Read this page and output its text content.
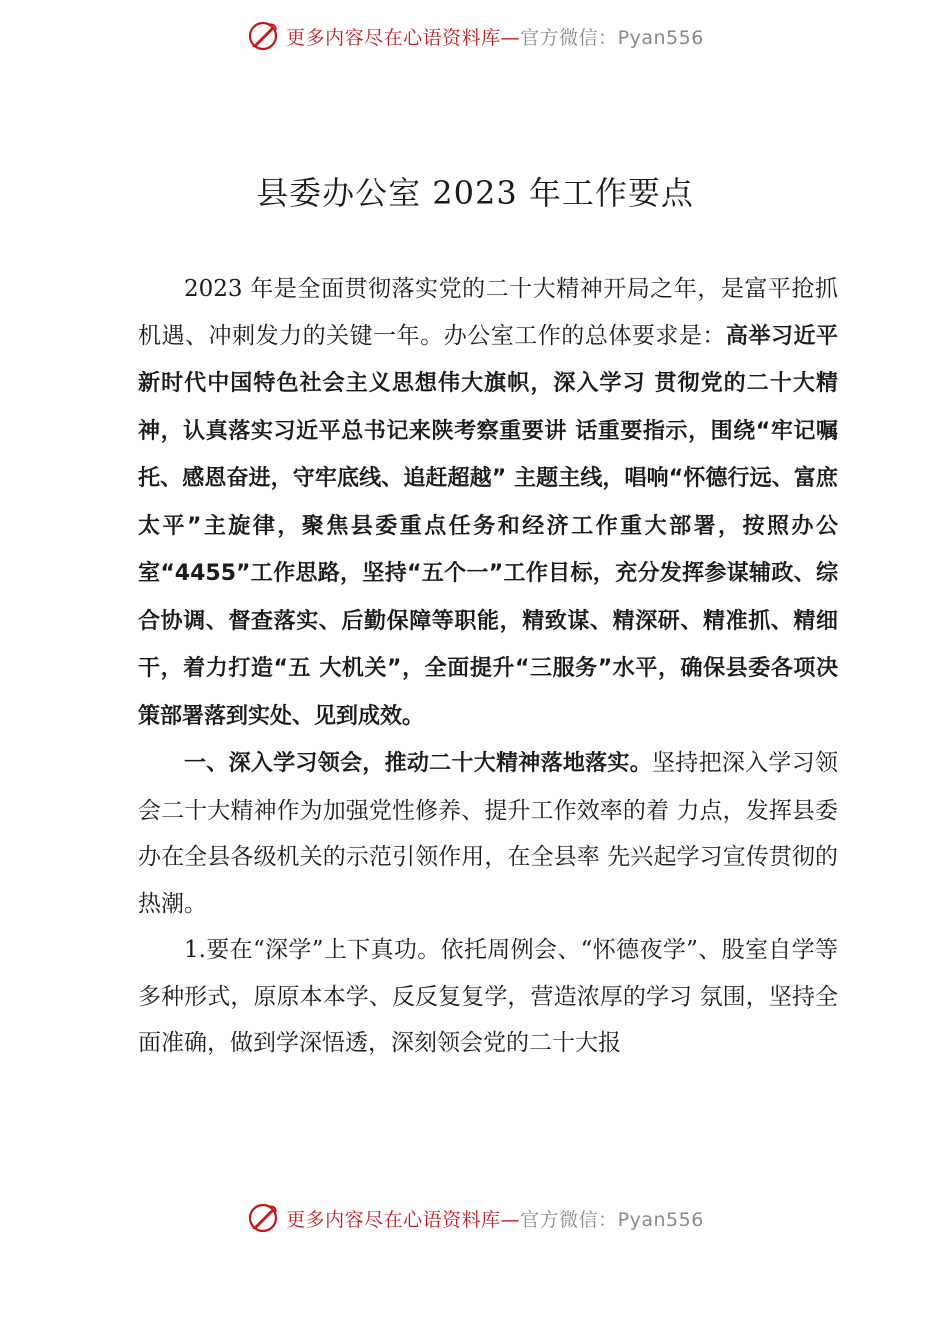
更多内容尽在心语资料库— 官方微信：Pyan556
县委办公室 2023 年工作要点

2023 年是全面贯彻落实党的二十大精神开局之年，是富平抢抓机遇、冲刺发力的关键一年。办公室工作的总体要求是：高举习近平新时代中国特色社会主义思想伟大旗帜，深入学习 贯彻党的二十大精神，认真落实习近平总书记来陕考察重要讲 话重要指示，围绕“牢记嘱托、感恩奋进，守牢底线、追赶超越” 主题主线，唱响“怀德行远、富庶太平”主旋律，聚焦县委重点任务和经济工作重大部署，按照办公室“4455”工作思路，坚持“五个一”工作目标，充分发挥参谋辅政、综合协调、督查落实、后勤保障等职能，精致谋、精深研、精准抓、精细干，着力打造“五 大机关”，全面提升“三服务”水平，确保县委各项决策部署落到实处、见到成效。

一、深入学习领会，推动二十大精神落地落实。坚持把深入学习领会二十大精神作为加强党性修养、提升工作效率的着 力点，发挥县委办在全县各级机关的示范引领作用，在全县率 先兴起学习宣传贯彻的热潮。

1.要在“深学”上下真功。依托周例会、“怀德夜学”、股室自学等多种形式，原原本本学、反反复复学，营造浓厚的学习 氛围，坚持全面准确，做到学深悟透，深刻领会党的二十大报

更多内容尽在心语资料库— 官方微信：Pyan556
